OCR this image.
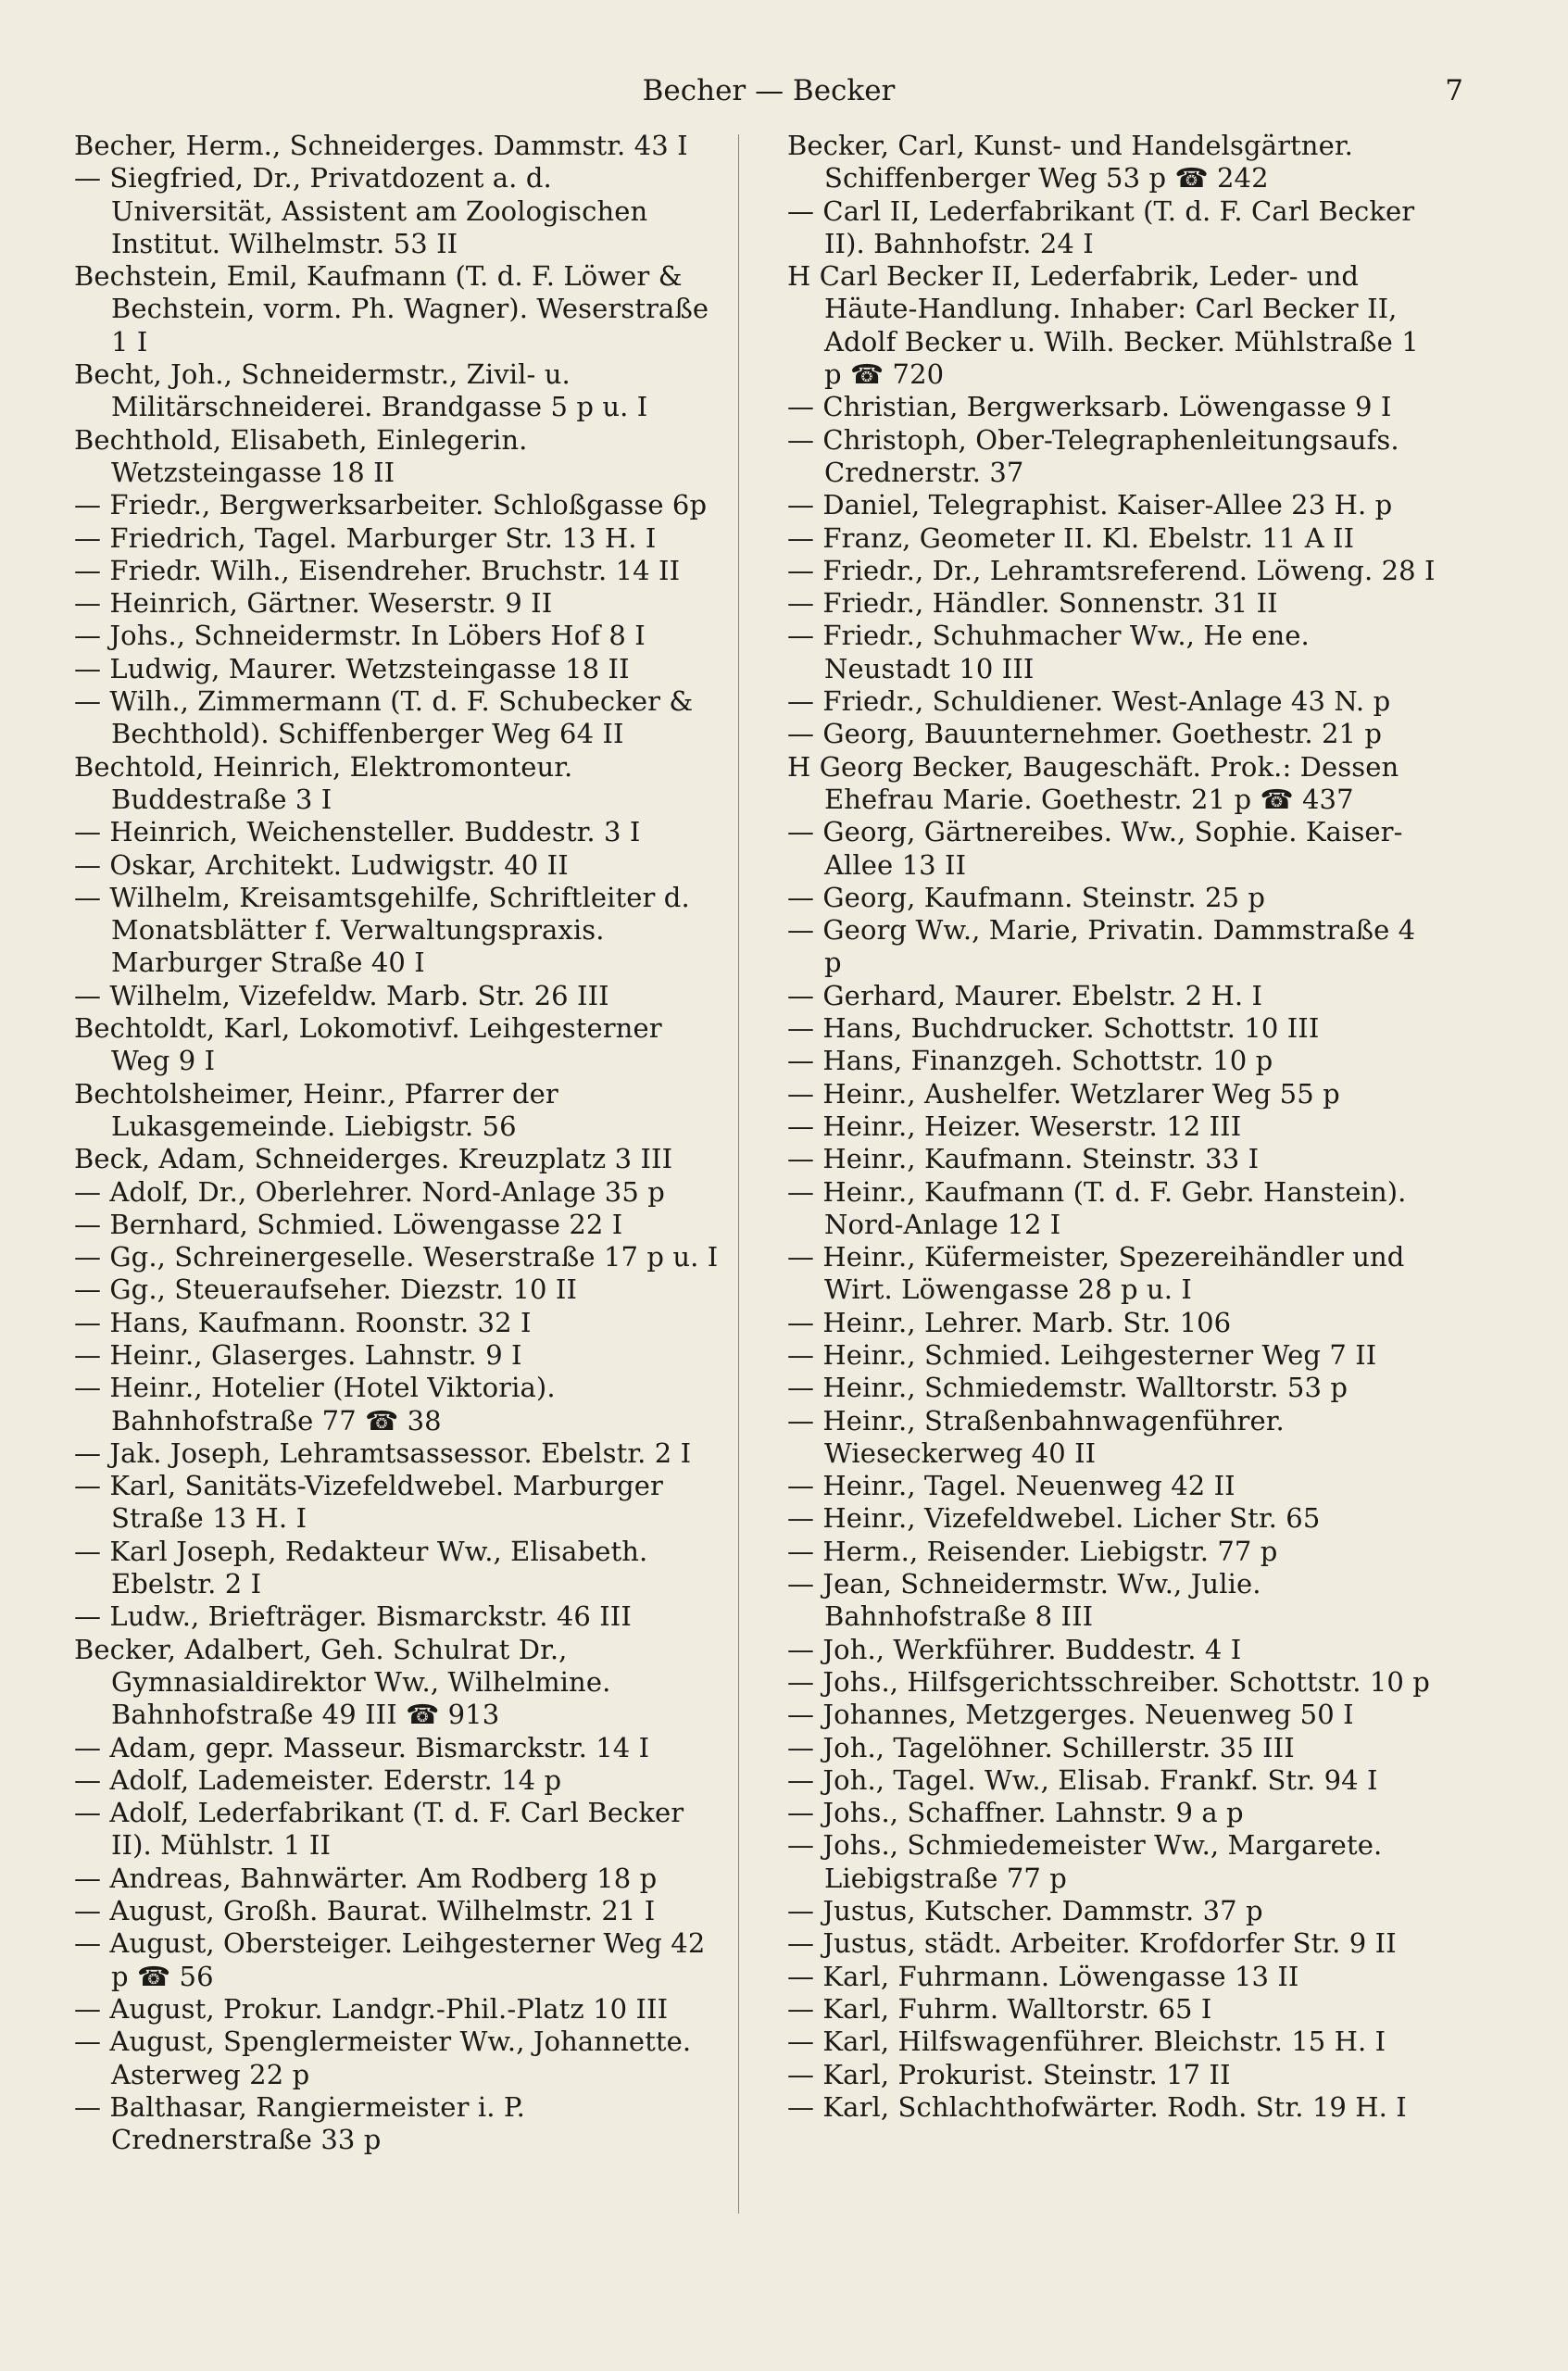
Becher — Becker	7
Becher, Herm., Schneiderges. Dammstr. 43 I
— Siegfried, Dr., Privatdozent a. d. Universität, Assistent am Zoologischen Institut. Wilhelmstr. 53 II
Bechstein, Emil, Kaufmann (T. d. F. Löwer & Bechstein, vorm. Ph. Wagner). Weserstraße 1 I
Becht, Joh., Schneidermstr., Zivil- u. Militärschneiderei. Brandgasse 5 p u. I
Bechthold, Elisabeth, Einlegerin. Wetzsteingasse 18 II
— Friedr., Bergwerksarbeiter. Schloßgasse 6p
— Friedrich, Tagel. Marburger Str. 13 H. I
— Friedr. Wilh., Eisendreher. Bruchstr. 14 II
— Heinrich, Gärtner. Weserstr. 9 II
— Johs., Schneidermstr. In Löbers Hof 8 I
— Ludwig, Maurer. Wetzsteingasse 18 II
— Wilh., Zimmermann (T. d. F. Schubecker & Bechthold). Schiffenberger Weg 64 II
Bechtold, Heinrich, Elektromonteur. Buddestraße 3 I
— Heinrich, Weichensteller. Buddestr. 3 I
— Oskar, Architekt. Ludwigstr. 40 II
— Wilhelm, Kreisamtsgehilfe, Schriftleiter d. Monatsblätter f. Verwaltungspraxis. Marburger Straße 40 I
— Wilhelm, Vizefeldw. Marb. Str. 26 III
Bechtoldt, Karl, Lokomotivf. Leihgesterner Weg 9 I
Bechtolsheimer, Heinr., Pfarrer der Lukasgemeinde. Liebigstr. 56
Beck, Adam, Schneiderges. Kreuzplatz 3 III
— Adolf, Dr., Oberlehrer. Nord-Anlage 35 p
— Bernhard, Schmied. Löwengasse 22 I
— Gg., Schreinergeselle. Weserstraße 17 p u. I
— Gg., Steueraufseher. Diezstr. 10 II
— Hans, Kaufmann. Roonstr. 32 I
— Heinr., Glaserges. Lahnstr. 9 I
— Heinr., Hotelier (Hotel Viktoria). Bahnhofstraße 77 ☎ 38
— Jak. Joseph, Lehramtsassessor. Ebelstr. 2 I
— Karl, Sanitäts-Vizefeldwebel. Marburger Straße 13 H. I
— Karl Joseph, Redakteur Ww., Elisabeth. Ebelstr. 2 I
— Ludw., Briefträger. Bismarckstr. 46 III
Becker, Adalbert, Geh. Schulrat Dr., Gymnasialdirektor Ww., Wilhelmine. Bahnhofstraße 49 III ☎ 913
— Adam, gepr. Masseur. Bismarckstr. 14 I
— Adolf, Lademeister. Ederstr. 14 p
— Adolf, Lederfabrikant (T. d. F. Carl Becker II). Mühlstr. 1 II
— Andreas, Bahnwärter. Am Rodberg 18 p
— August, Großh. Baurat. Wilhelmstr. 21 I
— August, Obersteiger. Leihgesterner Weg 42 p ☎ 56
— August, Prokur. Landgr.-Phil.-Platz 10 III
— August, Spenglermeister Ww., Johannette. Asterweg 22 p
— Balthasar, Rangiermeister i. P. Crednerstraße 33 p
Becker, Carl, Kunst- und Handelsgärtner. Schiffenberger Weg 53 p ☎ 242
— Carl II, Lederfabrikant (T. d. F. Carl Becker II). Bahnhofstr. 24 I
H Carl Becker II, Lederfabrik, Leder- und Häute-Handlung. Inhaber: Carl Becker II, Adolf Becker u. Wilh. Becker. Mühlstraße 1 p ☎ 720
— Christian, Bergwerksarb. Löwengasse 9 I
— Christoph, Ober-Telegraphenleitungsaufs. Crednerstr. 37
— Daniel, Telegraphist. Kaiser-Allee 23 H. p
— Franz, Geometer II. Kl. Ebelstr. 11 A II
— Friedr., Dr., Lehramtsreferend. Löweng. 28 I
— Friedr., Händler. Sonnenstr. 31 II
— Friedr., Schuhmacher Ww., He ene. Neustadt 10 III
— Friedr., Schuldiener. West-Anlage 43 N. p
— Georg, Bauunternehmer. Goethestr. 21 p
H Georg Becker, Baugeschäft. Prok.: Dessen Ehefrau Marie. Goethestr. 21 p ☎ 437
— Georg, Gärtnereibes. Ww., Sophie. Kaiser-Allee 13 II
— Georg, Kaufmann. Steinstr. 25 p
— Georg Ww., Marie, Privatin. Dammstraße 4 p
— Gerhard, Maurer. Ebelstr. 2 H. I
— Hans, Buchdrucker. Schottstr. 10 III
— Hans, Finanzgeh. Schottstr. 10 p
— Heinr., Aushelfer. Wetzlarer Weg 55 p
— Heinr., Heizer. Weserstr. 12 III
— Heinr., Kaufmann. Steinstr. 33 I
— Heinr., Kaufmann (T. d. F. Gebr. Hanstein). Nord-Anlage 12 I
— Heinr., Küfermeister, Spezereihändler und Wirt. Löwengasse 28 p u. I
— Heinr., Lehrer. Marb. Str. 106
— Heinr., Schmied. Leihgesterner Weg 7 II
— Heinr., Schmiedemstr. Walltorstr. 53 p
— Heinr., Straßenbahnwagenführer. Wieseckerweg 40 II
— Heinr., Tagel. Neuenweg 42 II
— Heinr., Vizefeldwebel. Licher Str. 65
— Herm., Reisender. Liebigstr. 77 p
— Jean, Schneidermstr. Ww., Julie. Bahnhofstraße 8 III
— Joh., Werkführer. Buddestr. 4 I
— Johs., Hilfsgerichtsschreiber. Schottstr. 10 p
— Johannes, Metzgerges. Neuenweg 50 I
— Joh., Tagelöhner. Schillerstr. 35 III
— Joh., Tagel. Ww., Elisab. Frankf. Str. 94 I
— Johs., Schaffner. Lahnstr. 9 a p
— Johs., Schmiedemeister Ww., Margarete. Liebigstraße 77 p
— Justus, Kutscher. Dammstr. 37 p
— Justus, städt. Arbeiter. Krofdorfer Str. 9 II
— Karl, Fuhrmann. Löwengasse 13 II
— Karl, Fuhrm. Walltorstr. 65 I
— Karl, Hilfswagenführer. Bleichstr. 15 H. I
— Karl, Prokurist. Steinstr. 17 II
— Karl, Schlachthofwärter. Rodh. Str. 19 H. I
